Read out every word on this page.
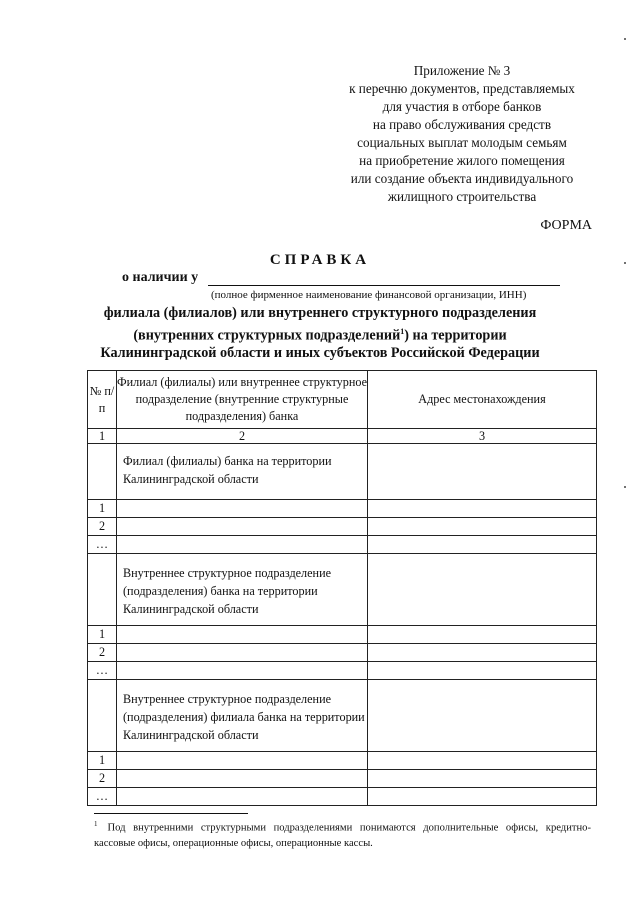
Приложение № 3
к перечню документов, представляемых
для участия в отборе банков
на право обслуживания средств
социальных выплат молодым семьям
на приобретение жилого помещения
или создание объекта индивидуального
жилищного строительства
ФОРМА
СПРАВКА
о наличии у
(полное фирменное наименование финансовой организации, ИНН)
филиала (филиалов) или внутреннего структурного подразделения
(внутренних структурных подразделений$^1$) на территории
Калининградской области и иных субъектов Российской Федерации
№ п/п	Филиал (филиалы) или внутреннее структурное подразделение (внутренние структурные подразделения) банка	Адрес местонахождения
1	2	3
	Филиал (филиалы) банка на территории Калининградской области	
1		
2		
…		
	Внутреннее структурное подразделение (подразделения) банка на территории Калининградской области	
1		
2		
…		
	Внутреннее структурное подразделение (подразделения) филиала банка на территории Калининградской области	
1		
2		
…		
$^1$ Под внутренними структурными подразделениями понимаются дополнительные офисы, кредитно-кассовые офисы, операционные офисы, операционные кассы.
